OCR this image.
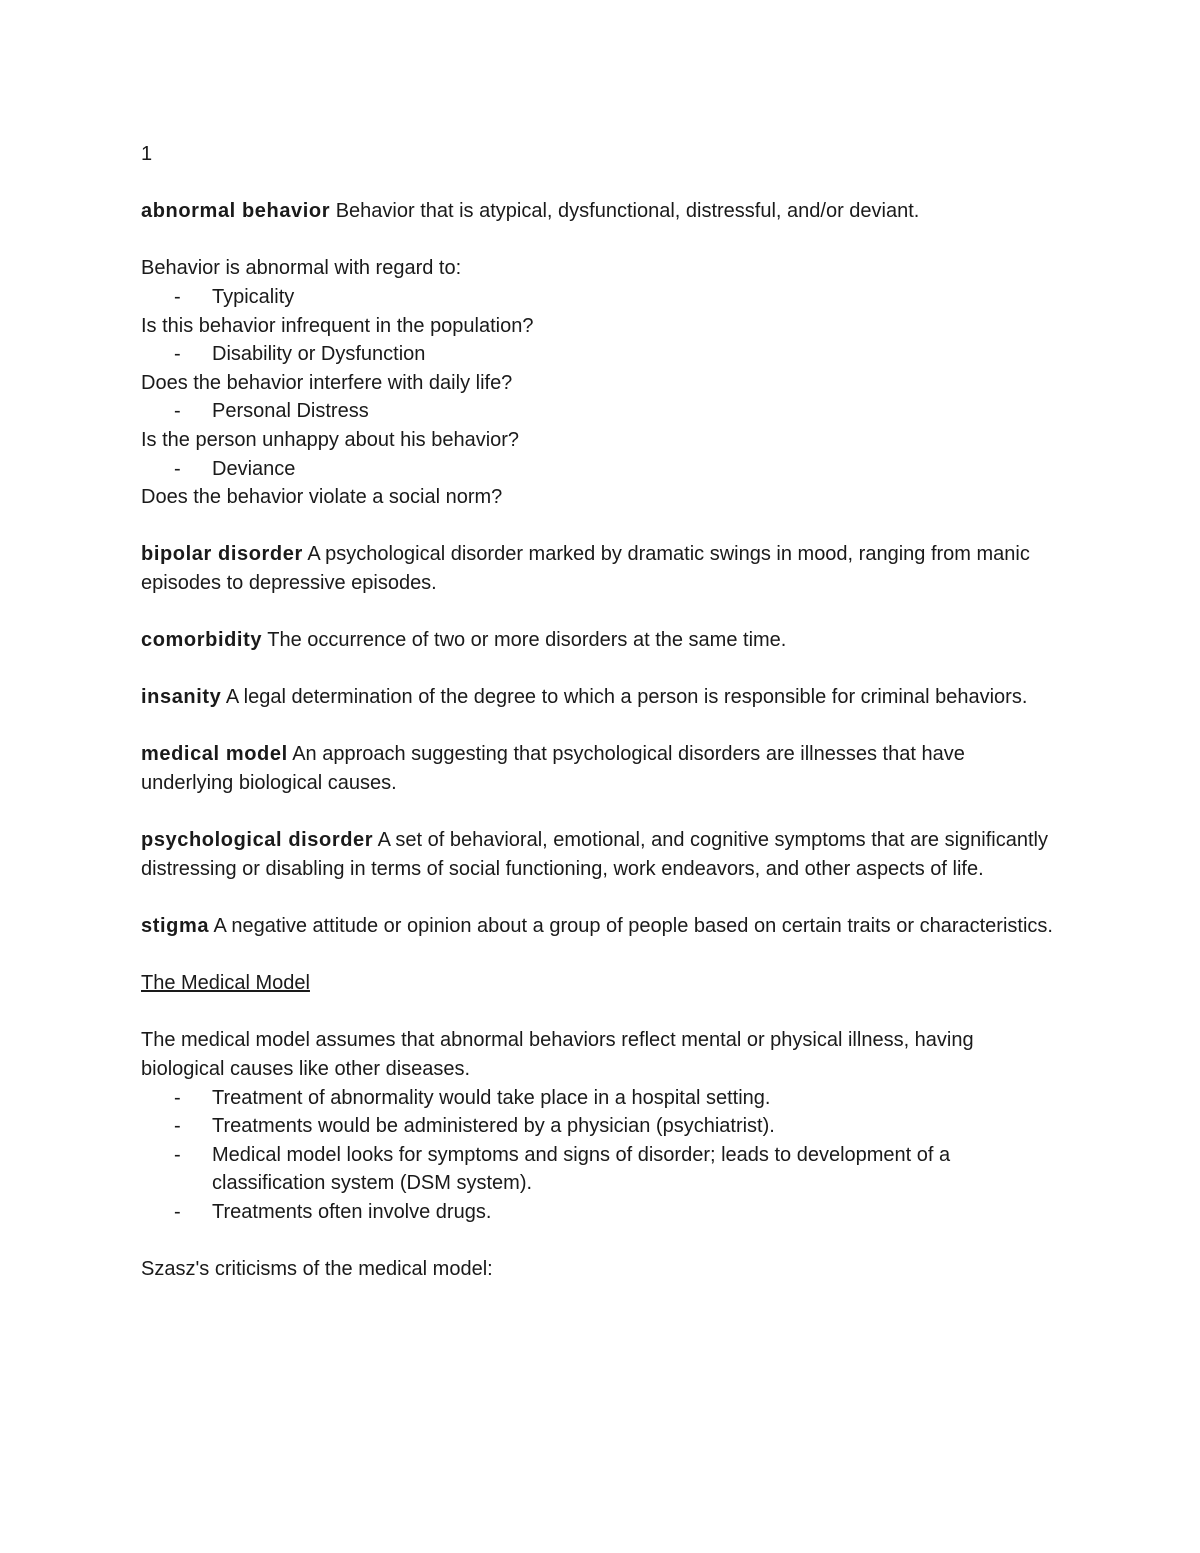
1

abnormal behavior Behavior that is atypical, dysfunctional, distressful, and/or deviant.

Behavior is abnormal with regard to:

- Typicality

Is this behavior infrequent in the population?

- Disability or Dysfunction

Does the behavior interfere with daily life?

- Personal Distress

Is the person unhappy about his behavior?

- Deviance

Does the behavior violate a social norm?

bipolar disorder A psychological disorder marked by dramatic swings in mood, ranging from manic episodes to depressive episodes.

comorbidity The occurrence of two or more disorders at the same time.

insanity A legal determination of the degree to which a person is responsible for criminal behaviors.

medical model An approach suggesting that psychological disorders are illnesses that have underlying biological causes.

psychological disorder A set of behavioral, emotional, and cognitive symptoms that are significantly distressing or disabling in terms of social functioning, work endeavors, and other aspects of life.

stigma A negative attitude or opinion about a group of people based on certain traits or characteristics.

The Medical Model

The medical model assumes that abnormal behaviors reflect mental or physical illness, having biological causes like other diseases.

- Treatment of abnormality would take place in a hospital setting.

- Treatments would be administered by a physician (psychiatrist).

- Medical model looks for symptoms and signs of disorder; leads to development of a classification system (DSM system).

- Treatments often involve drugs.

Szasz's criticisms of the medical model:
